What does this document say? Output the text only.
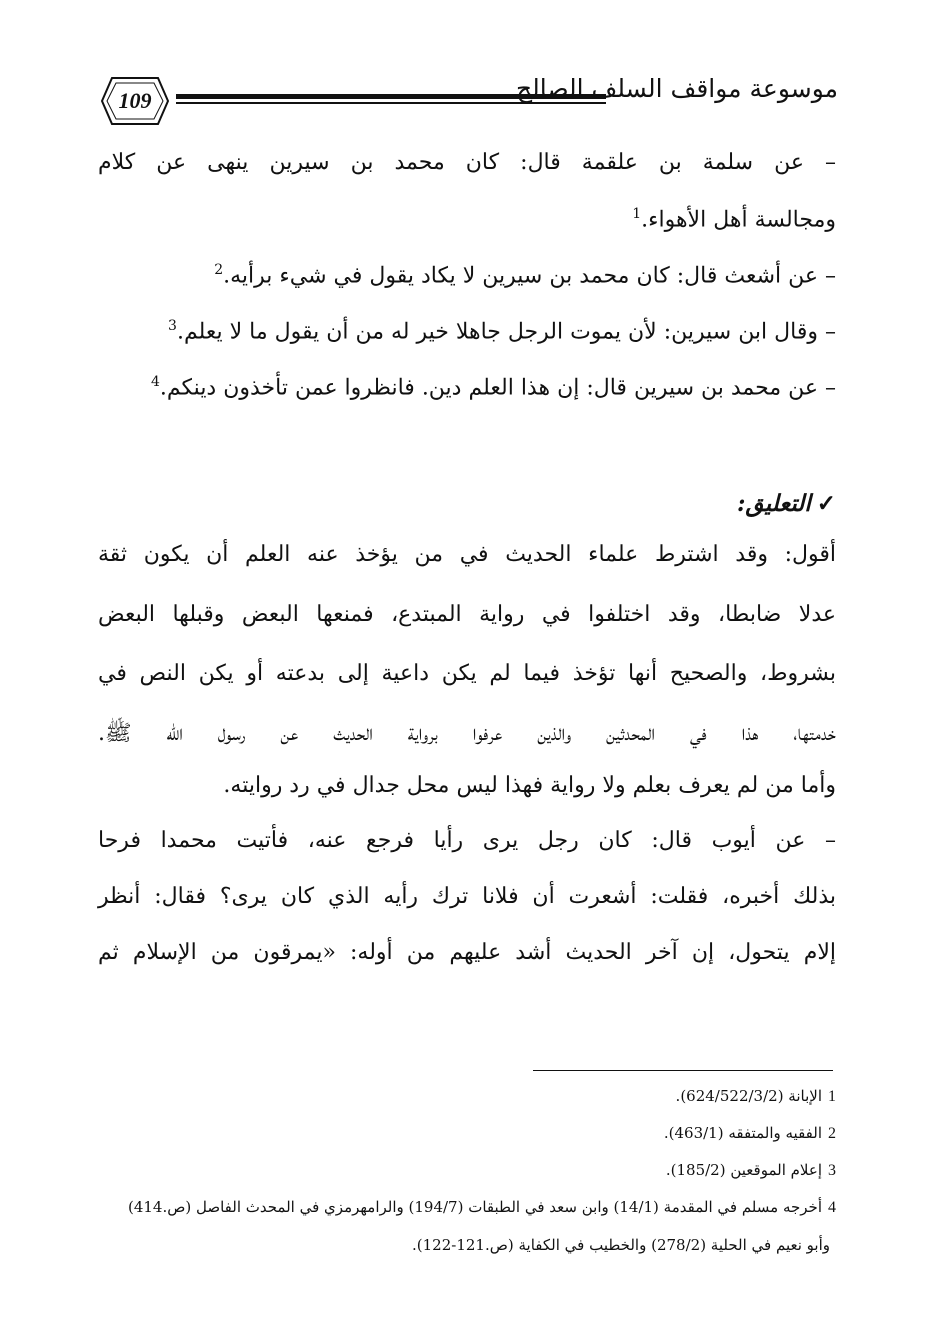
109	موسوعة مواقف السلف الصالح
– عن سلمة بن علقمة قال: كان محمد بن سيرين ينهى عن كلام
ومجالسة أهل الأهواء.$^1$
– عن أشعث قال: كان محمد بن سيرين لا يكاد يقول في شيء برأيه.$^2$
– وقال ابن سيرين: لأن يموت الرجل جاهلا خير له من أن يقول ما لا يعلم.$^3$
– عن محمد بن سيرين قال: إن هذا العلم دين. فانظروا عمن تأخذون دينكم.$^4$
✓التعليق:
أقول: وقد اشترط علماء الحديث في من يؤخذ عنه العلم أن يكون ثقة
عدلا ضابطا، وقد اختلفوا في رواية المبتدع، فمنعها البعض وقبلها البعض
بشروط، والصحيح أنها تؤخذ فيما لم يكن داعية إلى بدعته أو يكن النص في
خدمتها، هذا في المحدثين والذين عرفوا برواية الحديث عن رسول الله ﷺ.
وأما من لم يعرف بعلم ولا رواية فهذا ليس محل جدال في رد روايته.
– عن أيوب قال: كان رجل يرى رأيا فرجع عنه، فأتيت محمدا فرحا
بذلك أخبره، فقلت: أشعرت أن فلانا ترك رأيه الذي كان يرى؟ فقال: أنظر
إلام يتحول، إن آخر الحديث أشد عليهم من أوله: «يمرقون من الإسلام ثم
1الإبانة (624/522/3/2).
2الفقيه والمتفقه (463/1).
3إعلام الموقعين (185/2).
4أخرجه مسلم في المقدمة (14/1) وابن سعد في الطبقات (194/7) والرامهرمزي في المحدث الفاصل (ص.414)
وأبو نعيم في الحلية (278/2) والخطيب في الكفاية (ص.121-122).
